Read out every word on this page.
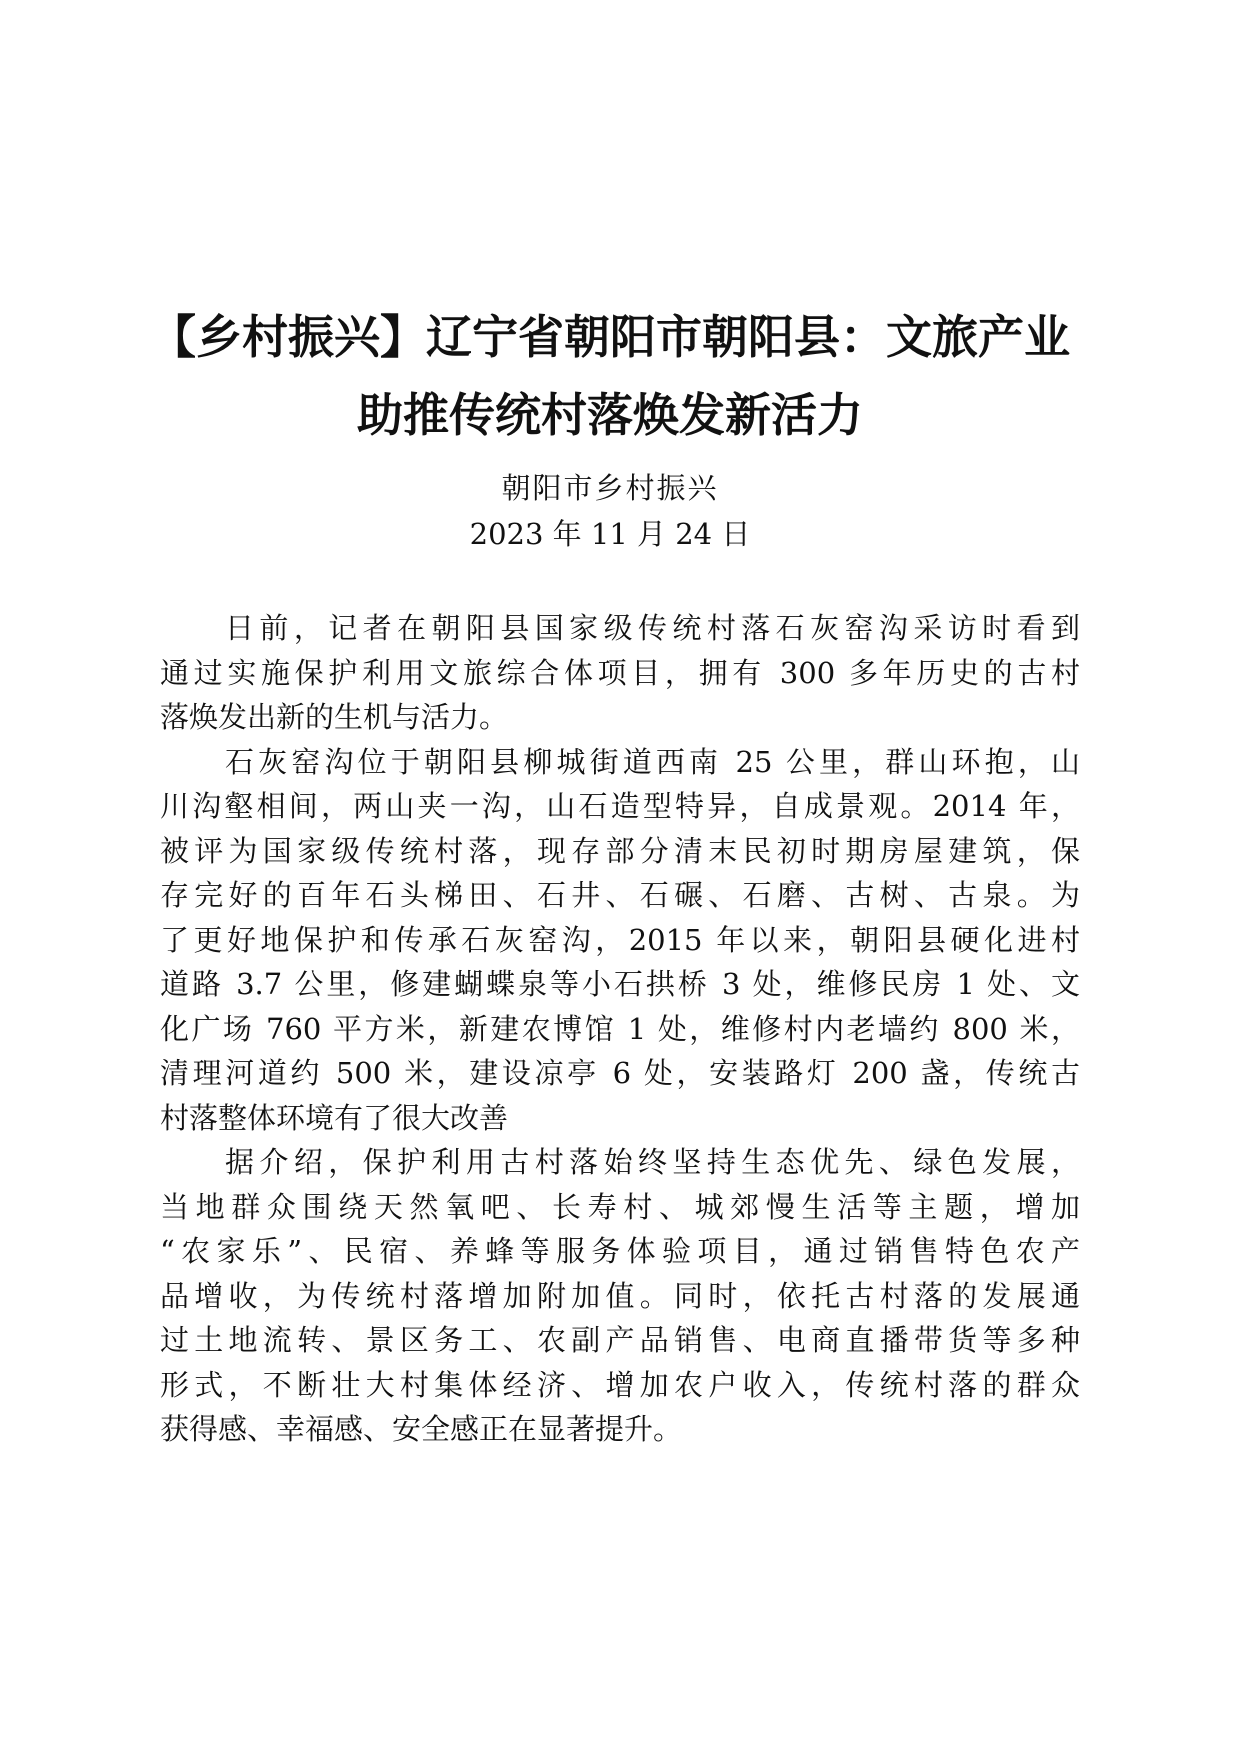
【乡村振兴】辽宁省朝阳市朝阳县：文旅产业
助推传统村落焕发新活力
朝阳市乡村振兴
2023 年 11 月 24 日

日前，记者在朝阳县国家级传统村落石灰窑沟采访时看到
通过实施保护利用文旅综合体项目，拥有 300 多年历史的古村
落焕发出新的生机与活力。

石灰窑沟位于朝阳县柳城街道西南 25 公里，群山环抱，山
川沟壑相间，两山夹一沟，山石造型特异，自成景观。2014 年，
被评为国家级传统村落，现存部分清末民初时期房屋建筑，保
存完好的百年石头梯田、石井、石碾、石磨、古树、古泉。为
了更好地保护和传承石灰窑沟，2015 年以来，朝阳县硬化进村
道路 3.7 公里，修建蝴蝶泉等小石拱桥 3 处，维修民房 1 处、文
化广场 760 平方米，新建农博馆 1 处，维修村内老墙约 800 米，
清理河道约 500 米，建设凉亭 6 处，安装路灯 200 盏，传统古
村落整体环境有了很大改善

据介绍，保护利用古村落始终坚持生态优先、绿色发展，
当地群众围绕天然氧吧、长寿村、城郊慢生活等主题，增加
“农家乐”、民宿、养蜂等服务体验项目，通过销售特色农产
品增收，为传统村落增加附加值。同时，依托古村落的发展通
过土地流转、景区务工、农副产品销售、电商直播带货等多种
形式，不断壮大村集体经济、增加农户收入，传统村落的群众
获得感、幸福感、安全感正在显著提升。
